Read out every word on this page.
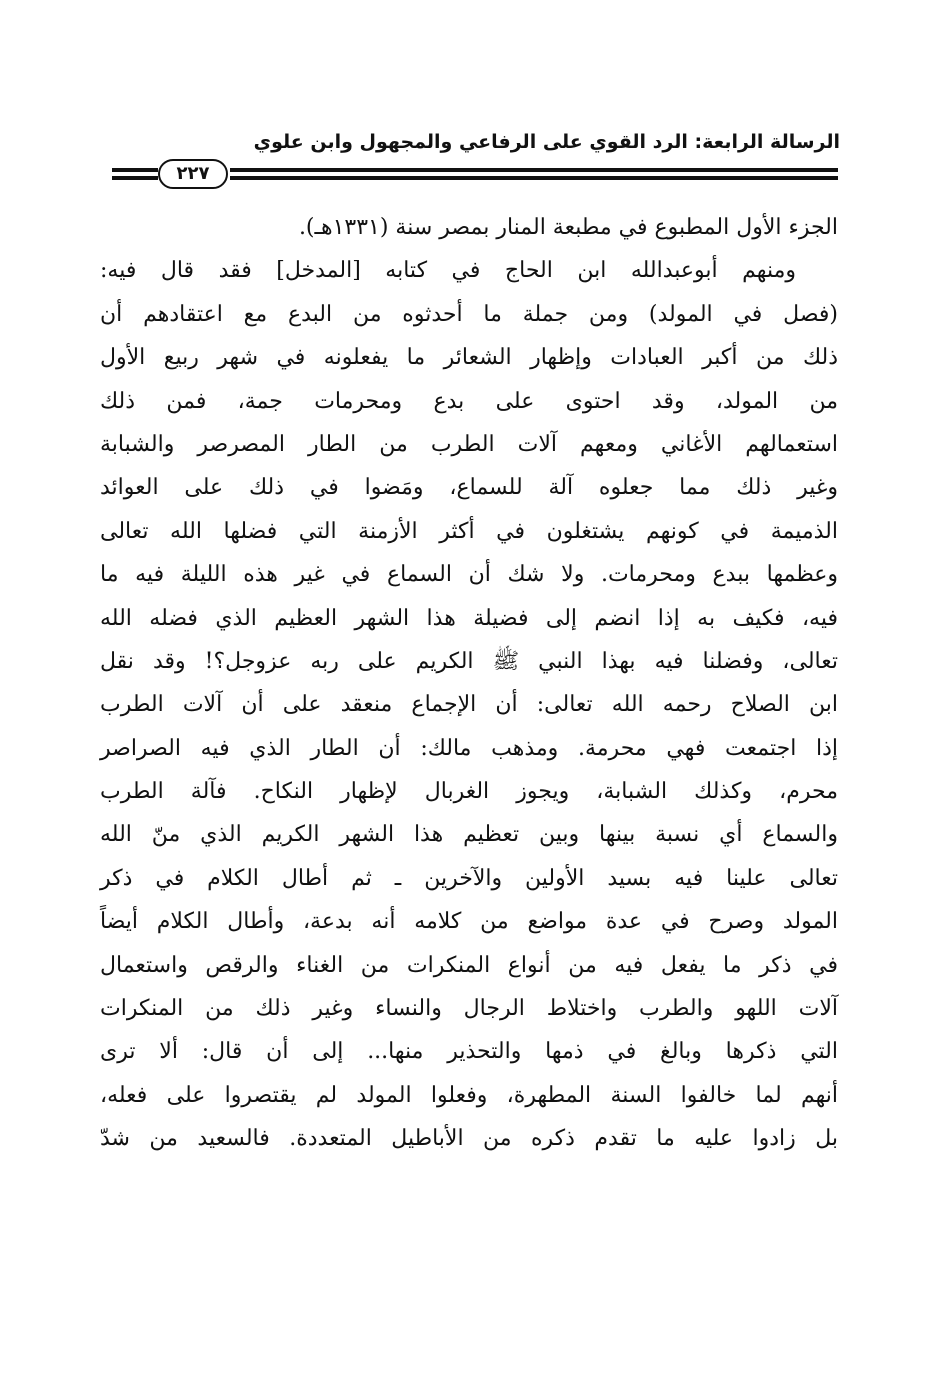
الرسالة الرابعة: الرد القوي على الرفاعي والمجهول وابن علوي
٢٢٧
الجزء الأول المطبوع في مطبعة المنار بمصر سنة (١٣٣١هـ).
ومنهم أبوعبدالله ابن الحاج في كتابه [المدخل] فقد قال فيه:
(فصل في المولد) ومن جملة ما أحدثوه من البدع مع اعتقادهم أن
ذلك من أكبر العبادات وإظهار الشعائر ما يفعلونه في شهر ربيع الأول
من المولد، وقد احتوى على بدع ومحرمات جمة، فمن ذلك
استعمالهم الأغاني ومعهم آلات الطرب من الطار المصرصر والشبابة
وغير ذلك مما جعلوه آلة للسماع، ومَضوا في ذلك على العوائد
الذميمة في كونهم يشتغلون في أكثر الأزمنة التي فضلها الله تعالى
وعظمها ببدع ومحرمات. ولا شك أن السماع في غير هذه الليلة فيه ما
فيه، فكيف به إذا انضم إلى فضيلة هذا الشهر العظيم الذي فضله الله
تعالى، وفضلنا فيه بهذا النبي ﷺ الكريم على ربه عزوجل؟! وقد نقل
ابن الصلاح رحمه الله تعالى: أن الإجماع منعقد على أن آلات الطرب
إذا اجتمعت فهي محرمة. ومذهب مالك: أن الطار الذي فيه الصراصر
محرم، وكذلك الشبابة، ويجوز الغربال لإظهار النكاح. فآلة الطرب
والسماع أي نسبة بينها وبين تعظيم هذا الشهر الكريم الذي منّ الله
تعالى علينا فيه بسيد الأولين والآخرين ـ ثم أطال الكلام في ذكر
المولد وصرح في عدة مواضع من كلامه أنه بدعة، وأطال الكلام أيضاً
في ذكر ما يفعل فيه من أنواع المنكرات من الغناء والرقص واستعمال
آلات اللهو والطرب واختلاط الرجال والنساء وغير ذلك من المنكرات
التي ذكرها وبالغ في ذمها والتحذير منها... إلى أن قال: ألا ترى
أنهم لما خالفوا السنة المطهرة، وفعلوا المولد لم يقتصروا على فعله،
بل زادوا عليه ما تقدم ذكره من الأباطيل المتعددة. فالسعيد من شدّ
